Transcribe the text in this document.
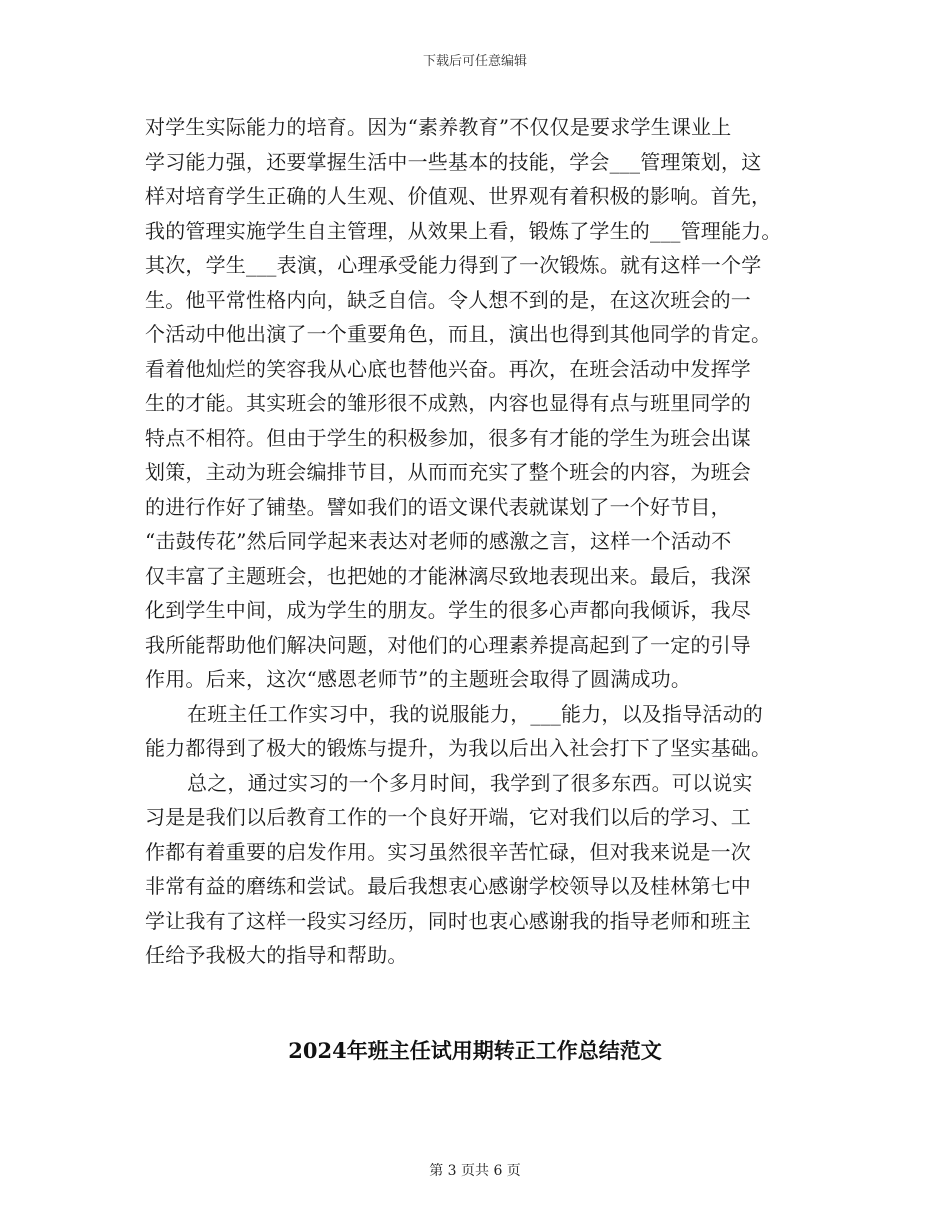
下载后可任意编辑
对学生实际能力的培育。因为“素养教育”不仅仅是要求学生课业上
学习能力强，还要掌握生活中一些基本的技能，学会___管理策划，这
样对培育学生正确的人生观、价值观、世界观有着积极的影响。首先，
我的管理实施学生自主管理，从效果上看，锻炼了学生的___管理能力。
其次，学生___表演，心理承受能力得到了一次锻炼。就有这样一个学
生。他平常性格内向，缺乏自信。令人想不到的是，在这次班会的一
个活动中他出演了一个重要角色，而且，演出也得到其他同学的肯定。
看着他灿烂的笑容我从心底也替他兴奋。再次，在班会活动中发挥学
生的才能。其实班会的雏形很不成熟，内容也显得有点与班里同学的
特点不相符。但由于学生的积极参加，很多有才能的学生为班会出谋
划策，主动为班会编排节目，从而而充实了整个班会的内容，为班会
的进行作好了铺垫。譬如我们的语文课代表就谋划了一个好节目，
“击鼓传花”然后同学起来表达对老师的感激之言，这样一个活动不
仅丰富了主题班会，也把她的才能淋漓尽致地表现出来。最后，我深
化到学生中间，成为学生的朋友。学生的很多心声都向我倾诉，我尽
我所能帮助他们解决问题，对他们的心理素养提高起到了一定的引导
作用。后来，这次“感恩老师节”的主题班会取得了圆满成功。
在班主任工作实习中，我的说服能力，___能力，以及指导活动的
能力都得到了极大的锻炼与提升，为我以后出入社会打下了坚实基础。
总之，通过实习的一个多月时间，我学到了很多东西。可以说实
习是是我们以后教育工作的一个良好开端，它对我们以后的学习、工
作都有着重要的启发作用。实习虽然很辛苦忙碌，但对我来说是一次
非常有益的磨练和尝试。最后我想衷心感谢学校领导以及桂林第七中
学让我有了这样一段实习经历，同时也衷心感谢我的指导老师和班主
任给予我极大的指导和帮助。
2024年班主任试用期转正工作总结范文
第 3 页共 6 页
